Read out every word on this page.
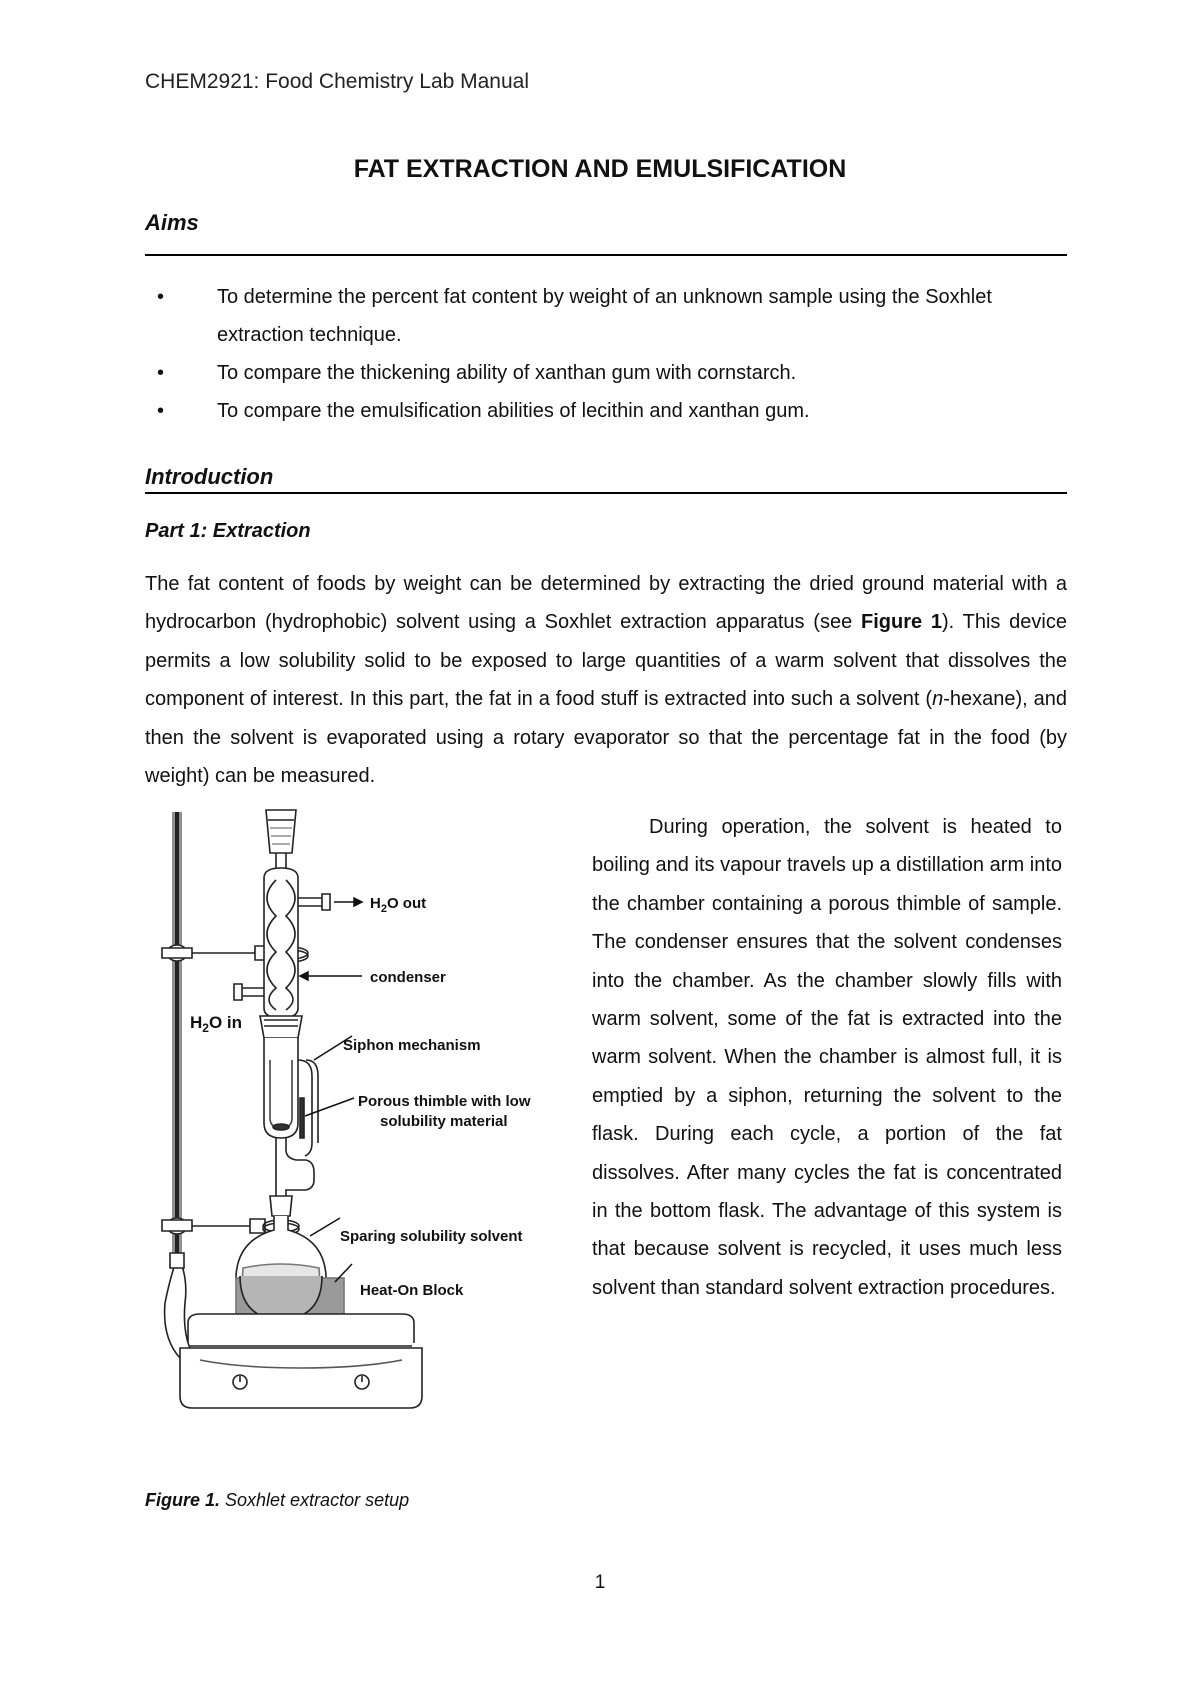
CHEM2921: Food Chemistry Lab Manual
FAT EXTRACTION AND EMULSIFICATION
Aims
•	To determine the percent fat content by weight of an unknown sample using the Soxhlet extraction technique.
•	To compare the thickening ability of xanthan gum with cornstarch.
•	To compare the emulsification abilities of lecithin and xanthan gum.
Introduction
Part 1: Extraction
The fat content of foods by weight can be determined by extracting the dried ground material with a hydrocarbon (hydrophobic) solvent using a Soxhlet extraction apparatus (see Figure 1). This device permits a low solubility solid to be exposed to large quantities of a warm solvent that dissolves the component of interest. In this part, the fat in a food stuff is extracted into such a solvent (n-hexane), and then the solvent is evaporated using a rotary evaporator so that the percentage fat in the food (by weight) can be measured.
$H_2O$ out
condenser
$H_2O$ in
Siphon mechanism
Porous thimble with low
solubility material
Sparing solubility solvent
Heat-On Block
During operation, the solvent is heated to boiling and its vapour travels up a distillation arm into the chamber containing a porous thimble of sample. The condenser ensures that the solvent condenses into the chamber. As the chamber slowly fills with warm solvent, some of the fat is extracted into the warm solvent. When the chamber is almost full, it is emptied by a siphon, returning the solvent to the flask. During each cycle, a portion of the fat dissolves. After many cycles the fat is concentrated in the bottom flask. The advantage of this system is that because solvent is recycled, it uses much less solvent than standard solvent extraction procedures.
Figure 1. Soxhlet extractor setup
1
